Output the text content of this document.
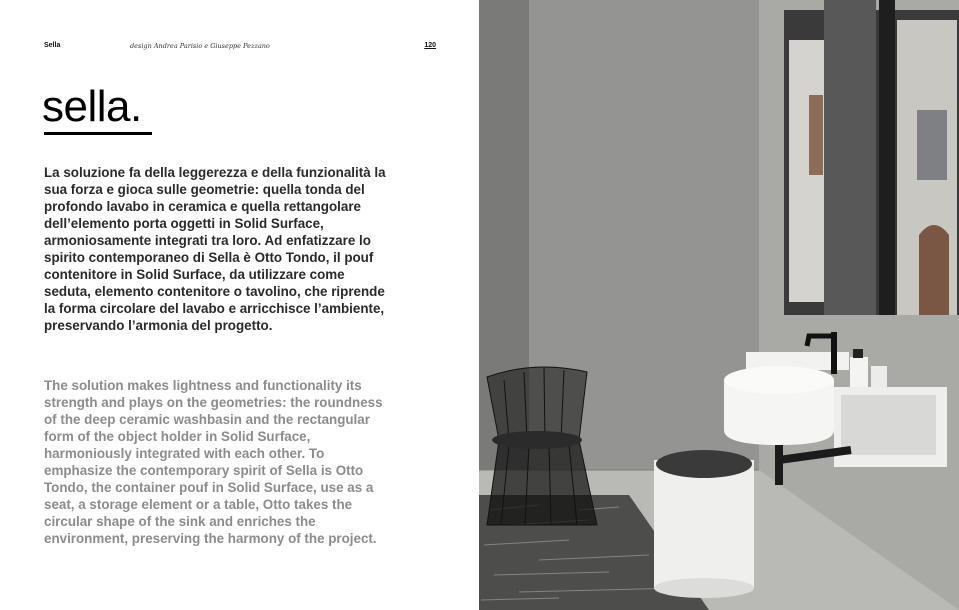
Sella	design Andrea Parisio e Giuseppe Pezzano	120
sella.

La soluzione fa della leggerezza e della funzionalità la sua forza e gioca sulle geometrie: quella tonda del profondo lavabo in ceramica e quella rettangolare dell’elemento porta oggetti in Solid Surface, armoniosamente integrati tra loro. Ad enfatizzare lo spirito contemporaneo di Sella è Otto Tondo, il pouf contenitore in Solid Surface, da utilizzare come seduta, elemento contenitore o tavolino, che riprende la forma circolare del lavabo e arricchisce l’ambiente, preservando l’armonia del progetto.

The solution makes lightness and functionality its strength and plays on the geometries: the roundness of the deep ceramic washbasin and the rectangular form of the object holder in Solid Surface, harmoniously integrated with each other. To emphasize the contemporary spirit of Sella is Otto Tondo, the container pouf in Solid Surface, use as a seat, a storage element or a table, Otto takes the circular shape of the sink and enriches the environment, preserving the harmony of the project.
